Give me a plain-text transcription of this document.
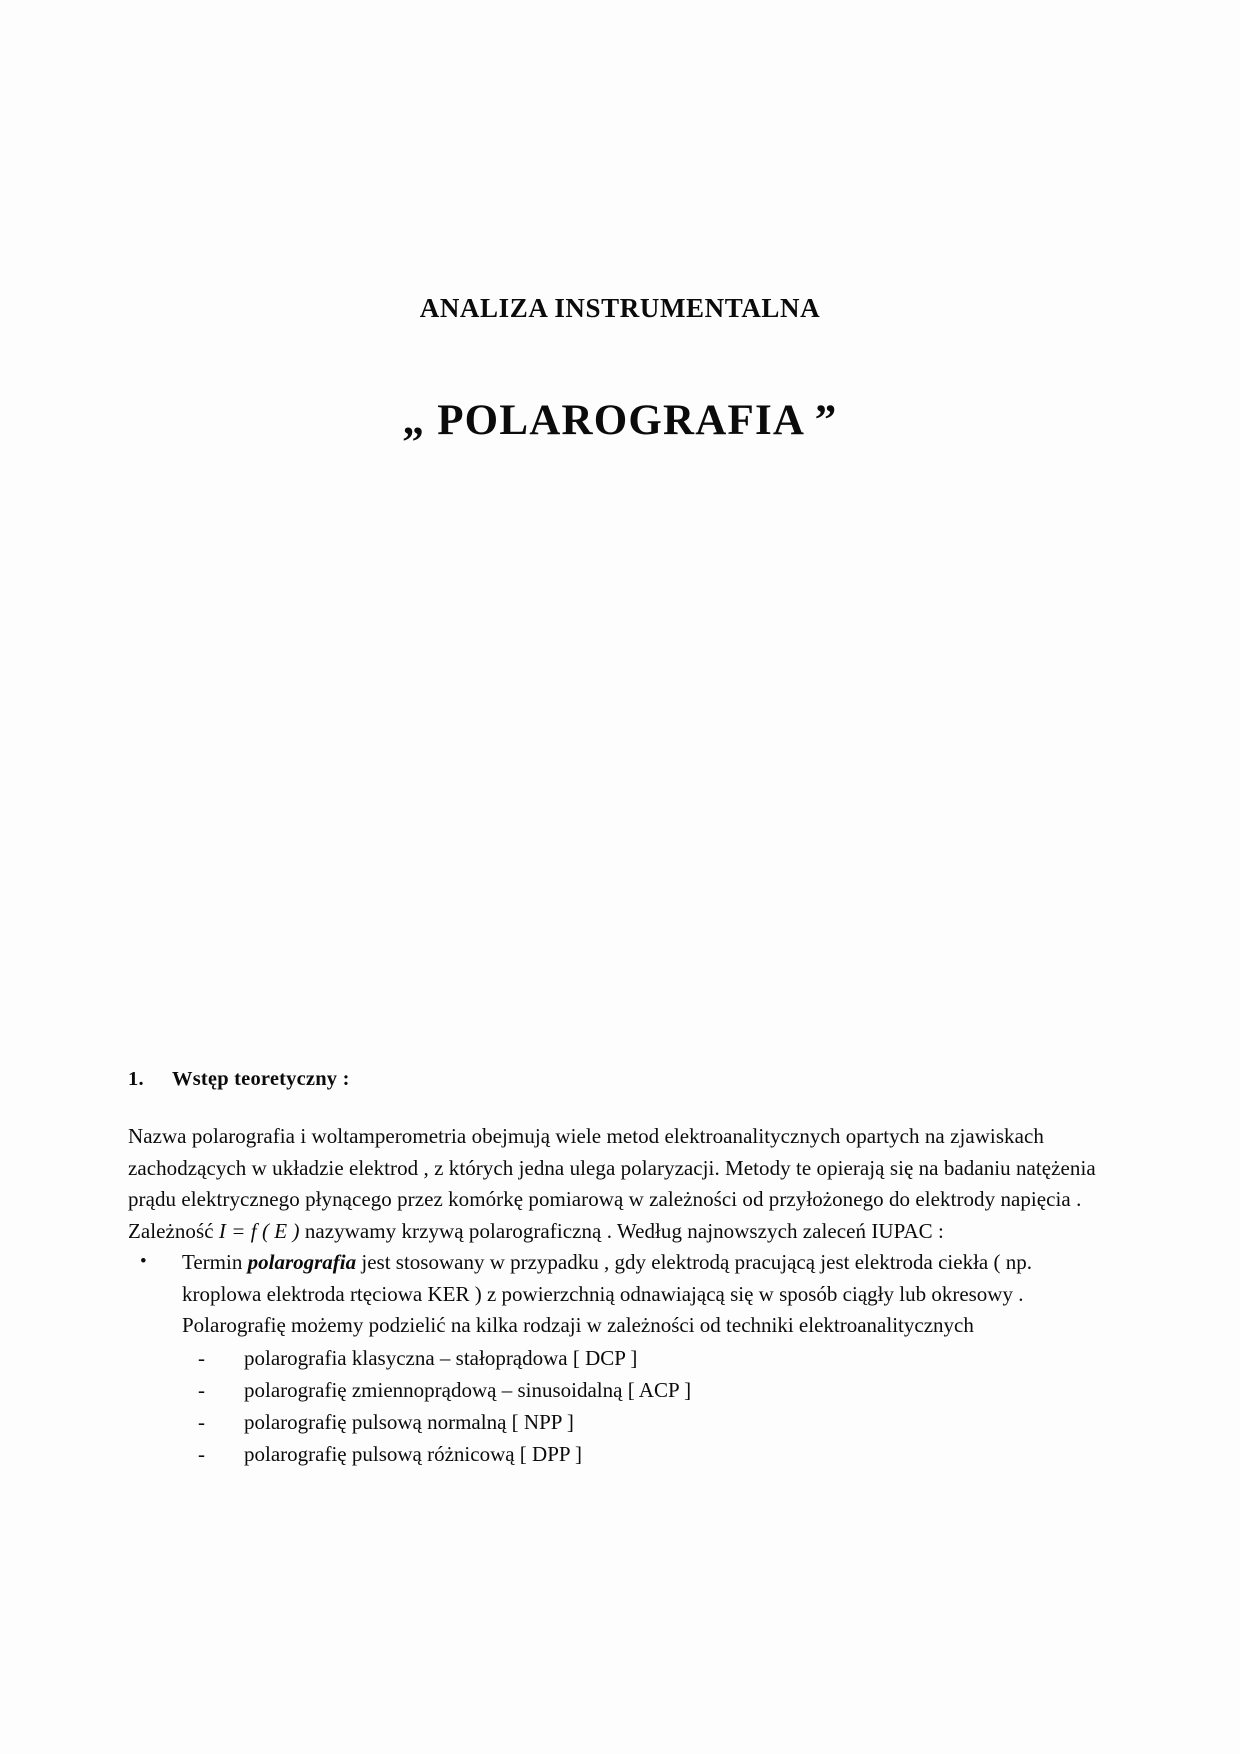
ANALIZA INSTRUMENTALNA
„ POLAROGRAFIA ”

1. Wstęp teoretyczny :

Nazwa polarografia i woltamperometria obejmują wiele metod elektroanalitycznych opartych na zjawiskach zachodzących w układzie elektrod , z których jedna ulega polaryzacji. Metody te opierają się na badaniu natężenia prądu elektrycznego płynącego przez komórkę pomiarową w zależności od przyłożonego do elektrody napięcia . Zależność I = f ( E ) nazywamy krzywą polarograficzną . Według najnowszych zaleceń IUPAC :

• Termin polarografia jest stosowany w przypadku , gdy elektrodą pracującą jest elektroda ciekła ( np. kroplowa elektroda rtęciowa KER ) z powierzchnią odnawiającą się w sposób ciągły lub okresowy . Polarografię możemy podzielić na kilka rodzaji w zależności od techniki elektroanalitycznych
- polarografia klasyczna – stałoprądowa [ DCP ]
- polarografię zmiennoprądową – sinusoidalną [ ACP ]
- polarografię pulsową normalną [ NPP ]
- polarografię pulsową różnicową [ DPP ]
